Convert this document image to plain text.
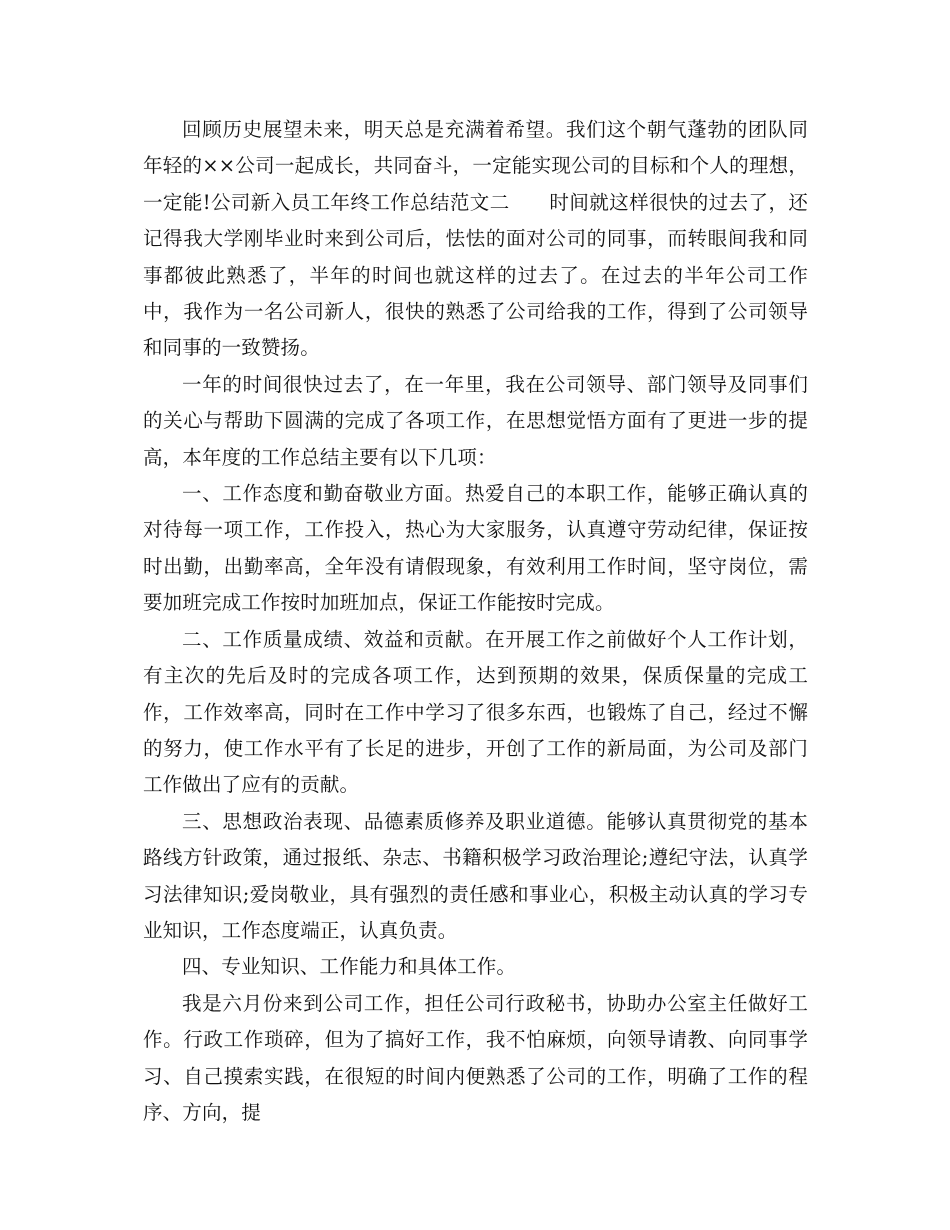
回顾历史展望未来，明天总是充满着希望。我们这个朝气蓬勃的团队同年轻的××公司一起成长，共同奋斗，一定能实现公司的目标和个人的理想，一定能!公司新入员工年终工作总结范文二　　时间就这样很快的过去了，还记得我大学刚毕业时来到公司后，怯怯的面对公司的同事，而转眼间我和同事都彼此熟悉了，半年的时间也就这样的过去了。在过去的半年公司工作中，我作为一名公司新人，很快的熟悉了公司给我的工作，得到了公司领导和同事的一致赞扬。

一年的时间很快过去了，在一年里，我在公司领导、部门领导及同事们的关心与帮助下圆满的完成了各项工作，在思想觉悟方面有了更进一步的提高，本年度的工作总结主要有以下几项：

一、工作态度和勤奋敬业方面。热爱自己的本职工作，能够正确认真的对待每一项工作，工作投入，热心为大家服务，认真遵守劳动纪律，保证按时出勤，出勤率高，全年没有请假现象，有效利用工作时间，坚守岗位，需要加班完成工作按时加班加点，保证工作能按时完成。

二、工作质量成绩、效益和贡献。在开展工作之前做好个人工作计划，有主次的先后及时的完成各项工作，达到预期的效果，保质保量的完成工作，工作效率高，同时在工作中学习了很多东西，也锻炼了自己，经过不懈的努力，使工作水平有了长足的进步，开创了工作的新局面，为公司及部门工作做出了应有的贡献。

三、思想政治表现、品德素质修养及职业道德。能够认真贯彻党的基本路线方针政策，通过报纸、杂志、书籍积极学习政治理论;遵纪守法，认真学习法律知识;爱岗敬业，具有强烈的责任感和事业心，积极主动认真的学习专业知识，工作态度端正，认真负责。

四、专业知识、工作能力和具体工作。

我是六月份来到公司工作，担任公司行政秘书，协助办公室主任做好工作。行政工作琐碎，但为了搞好工作，我不怕麻烦，向领导请教、向同事学习、自己摸索实践，在很短的时间内便熟悉了公司的工作，明确了工作的程序、方向，提
